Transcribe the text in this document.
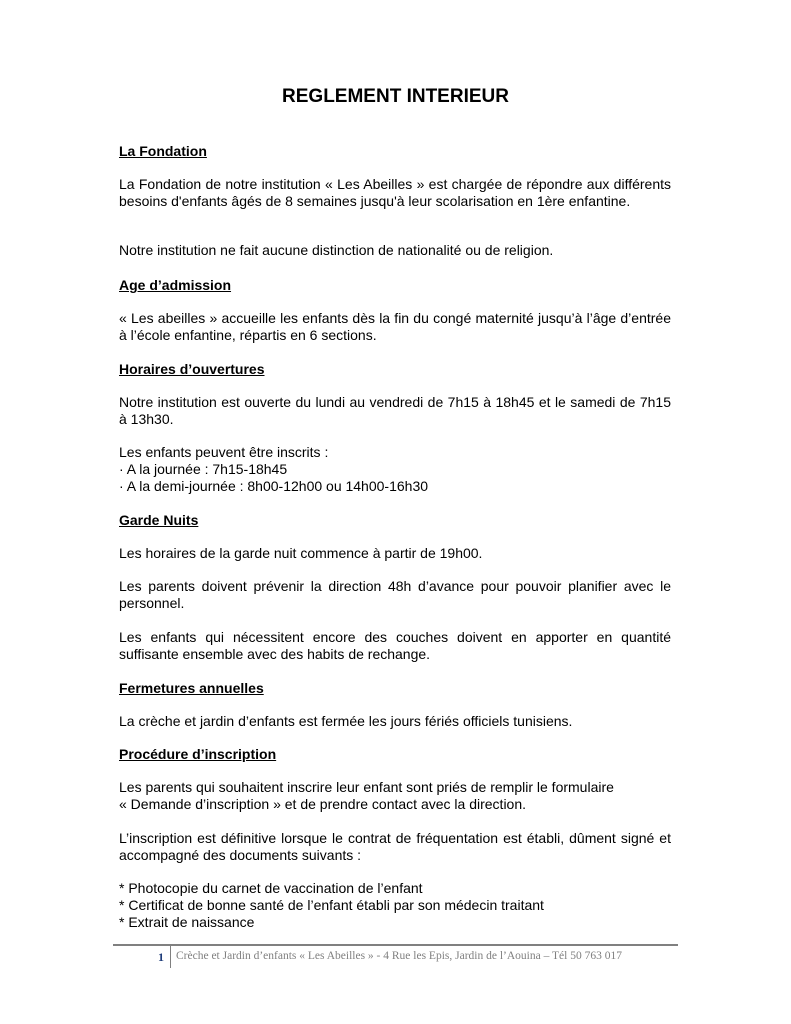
REGLEMENT INTERIEUR
La Fondation

La Fondation de notre institution « Les Abeilles » est chargée de répondre aux différents besoins d'enfants âgés de 8 semaines jusqu'à leur scolarisation en 1ère enfantine.

Notre institution ne fait aucune distinction de nationalité ou de religion.

Age d’admission

« Les abeilles » accueille les enfants dès la fin du congé maternité jusqu’à l’âge d’entrée à l’école enfantine, répartis en 6 sections.

Horaires d’ouvertures

Notre institution est ouverte du lundi au vendredi de 7h15 à 18h45 et le samedi de 7h15 à 13h30.

Les enfants peuvent être inscrits :
· A la journée : 7h15-18h45
· A la demi-journée : 8h00-12h00 ou 14h00-16h30

Garde Nuits

Les horaires de la garde nuit commence à partir de 19h00.

Les parents doivent prévenir la direction 48h d’avance pour pouvoir planifier avec le personnel.

Les enfants qui nécessitent encore des couches doivent en apporter en quantité suffisante ensemble avec des habits de rechange.

Fermetures annuelles

La crèche et jardin d’enfants est fermée les jours fériés officiels tunisiens.

Procédure d’inscription

Les parents qui souhaitent inscrire leur enfant sont priés de remplir le formulaire
« Demande d’inscription » et de prendre contact avec la direction.

L’inscription est définitive lorsque le contrat de fréquentation est établi, dûment signé et accompagné des documents suivants :

* Photocopie du carnet de vaccination de l’enfant
* Certificat de bonne santé de l’enfant établi par son médecin traitant
* Extrait de naissance

1 Crèche et Jardin d’enfants « Les Abeilles » - 4 Rue les Epis, Jardin de l’Aouina – Tél 50 763 017
